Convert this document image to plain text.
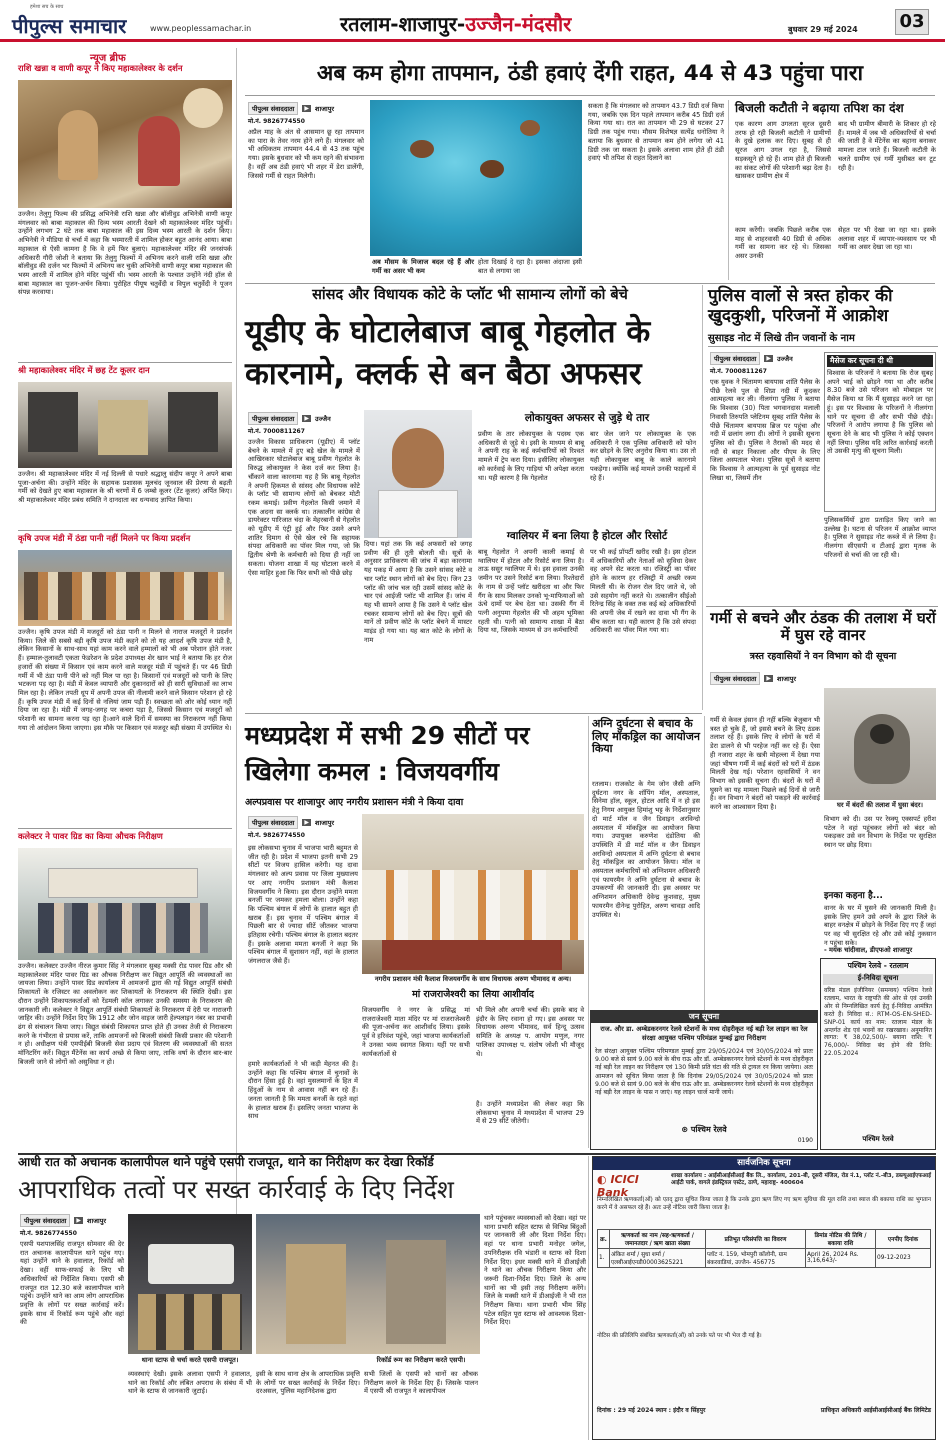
हमेशा सच के साथ
पीपुल्स समाचार	www.peoplessamachar.in	रतलाम-शाजापुर-उज्जैन-मंदसौर	बुधवार 29 मई 2024 03
न्यूज ब्रीफ
राशि खन्ना व वाणी कपूर ने किए महाकालेश्वर के दर्शन
उज्जैन। तेलुगु फिल्म की प्रसिद्ध अभिनेत्री राशि खन्ना और बॉलीवुड अभिनेत्री वाणी कपूर मंगलवार को बाबा महाकाल की दिव्य भस्म आरती देखने श्री महाकालेश्वर मंदिर पहुंचीं। उन्होंने लगभग 2 घंटे तक बाबा महाकाल की इस दिव्य भस्म आरती के दर्शन किए। अभिनेत्री ने मीडिया से चर्चा में कहा कि भस्मारती में शामिल होकर बहुत आनंद आया। बाबा महाकाल से ऐसी कामना है कि वे हमें फिर बुलाएं। महाकालेश्वर मंदिर की जनसंपर्क अधिकारी गौरी जोशी ने बताया कि तेलुगु फिल्मों में अभिनय करने वाली राशि खन्ना और बॉलीवुड की दर्जन भर फिल्मों में अभिनय कर चुकी अभिनेत्री वाणी कपूर बाबा महाकाल की भस्म आरती में शामिल होने मंदिर पहुंचीं थी। भस्म आरती के पश्चात उन्होंने नंदी हॉल से बाबा महाकाल का पूजन-अर्चन किया। पुरोहित पीयूष चतुर्वेदी व विपुल चतुर्वेदी ने पूजन संपन्न करवाया।
श्री महाकालेश्वर मंदिर में छह टेंट कूलर दान
उज्जैन। श्री महाकालेश्वर मंदिर में नई दिल्ली से पधारे श्रद्धालु संदीप कपूर ने अपने बाबा पूजा-अर्चना की। उन्होंने मंदिर के सहायक प्रशासक मूलचंद जूनवाल की प्रेरणा से बढ़ती गर्मी को देखते हुए बाबा महाकाल के श्री चरणों में 6 जम्बो कूलर (टेंट कूलर) अर्पित किए। श्री महाकालेश्वर मंदिर प्रबंध समिति ने दानदाता का धन्यवाद ज्ञापित किया।
कृषि उपज मंडी में ठंडा पानी नहीं मिलने पर किया प्रदर्शन
उज्जैन। कृषि उपज मंडी में मजदूरों को ठंडा पानी न मिलने से नाराज मजदूरों ने प्रदर्शन किया। जिले की सबसे बड़ी कृषि उपज मंडी कहने को तो यह आदर्श कृषि उपज मंडी है, लेकिन किसानों के साथ-साथ यहां काम करने वाले हम्मालों को भी अब परेशान होते नजर हैं। हम्माल-तुलावटी एकता फेडरेशन के प्रदेश उपाध्यक्ष शेर खान भाई ने बताया कि हर रोज हजारों की संख्या में किसान एवं काम करने वाले मजदूर मंडी में पहुंचते हैं। पर 46 डिग्री गर्मी में भी ठंडा पानी पीने को नहीं मिल पा रहा है। किसानों एवं मजदूरों को पानी के लिए भटकना पड़ रहा है। मंडी में केवल व्यापारी और दुकानदारों को ही सारी सुविधाओं का लाभ मिल रहा है। लेकिन तपती धूप में अपनी उपज की नीलामी करने वाले किसान परेशान हो रहे हैं। कृषि उपज मंडी में कई दिनों से नलियां जाम पड़ी हैं। स्वच्छता को ओर कोई ध्यान नहीं दिया जा रहा है। मंडी में जगह-जगह पर कचरा पड़ा है, जिससे किसान एवं मजदूरों को परेशानी का सामना करना पड़ रहा है।आने वाले दिनों में समस्या का निराकरण नहीं किया गया तो आंदोलन किया जाएगा। इस मौके पर किसान एवं मजदूर बड़ी संख्या में उपस्थित थे।
कलेक्टर ने पावर ग्रिड का किया औचक निरीक्षण
उज्जैन। कलेक्टर उज्जैन नीरज कुमार सिंह ने मंगलवार सुबह मक्सी रोड पावर ग्रिड और श्री महाकालेश्वर मंदिर पावर ग्रिड का औचक निरीक्षण कर विद्युत आपूर्ति की व्यवस्थाओं का जायजा लिया। उन्होंने पावर ग्रिड कार्यालय में आमजनों द्वारा की गई विद्युत आपूर्ति संबंधी शिकायतों के रजिस्टर का अवलोकन कर शिकायतों के निराकरण की स्थिति देखी। इस दौरान उन्होंने शिकायतकर्ताओं को रेंडमली कॉल लगाकर उनकी समस्या के निराकरण की जानकारी ली। कलेक्टर ने विद्युत आपूर्ति संबंधी शिकायतों के निराकरण में देरी पर नाराजगी जाहिर की। उन्होंने निर्देश दिए कि 1912 और जोन वाइज जारी हेल्पलाइन नंबर का प्रभावी ढंग से संचालन किया जाए। विद्युत संबंधी शिकायत प्राप्त होते ही उनका तेजी से निराकरण करने के गंभीरता से प्रयास करें, ताकि आमजनों को बिजली संबंधी किसी प्रकार की परेशानी न हो। अधीक्षण यंत्री एमपीईबी बिजली सेवा प्रदाय एवं वितरण की व्यवस्थाओं की सतत मॉनिटरिंग करें। विद्युत मैंटेनेंस का कार्य अच्छे से किया जाए, ताकि वर्षा के दौरान बार-बार बिजली जाने से लोगों को असुविधा न हो।
अब कम होगा तापमान, ठंडी हवाएं देंगी राहत, 44 से 43 पहुंचा पारा
पीपुल्स संवाददाता	▶ शाजापुर
मो.नं. 9826774550
अप्रैल माह के अंत से आसमान छू रहा तापमान का पारा के तेवर नरम होने लगे हैं। मंगलवार को भी अधिकतम तापमान 44.4 से 43 तक पहुंच गया। इसके बुधवार को भी कम रहने की संभावना है। वहीं अब ठंडी हवाएं भी शहर में डेरा डालेंगी, जिससे गर्मी से राहत मिलेगी।
अब मौसम के मिजाज बदल रहे हैं और गर्मी का असर भी कम
होता दिखाई दे रहा है। इसका अंदाजा इसी बात से लगाया जा
सकता है कि मंगलवार को तापमान 43.7 डिग्री दर्ज किया गया, जबकि एक दिन पहले तापमान करीब 45 डिग्री दर्ज किया गया था। रात का तापमान भी 29 से घटकर 27 डिग्री तक पहुंच गया। मौसम विशेषज्ञ सत्येंद्र धनोतिया ने बताया कि बुधवार से तापमान कम होने लगेगा जो 41 डिग्री तक जा सकता है। इसके अलावा शाम होते ही ठंडी हवाएं भी तपिश से राहत दिलाने का
बिजली कटौती ने बढ़ाया तपिश का दंश
एक कारण आग उगलता सूरज दूसरी तरफ हो रही बिजली कटौती ने ग्रामीणों के दुखे हलाक कर दिए। सुबह से ही सूरज आग उगल रहा है, जिससे सड़कसूने हो रहे हैं। शाम होते ही बिजली का संकट लोगों की परेशानी बढ़ा देता है। खासकर ग्रामीण क्षेत्र में
बाद भी ग्रामीण बीमारी के शिकार हो रहे हैं। मामले में जब भी अधिकारियों से चर्चा की जाती है वे मेंटेनेंस का बहाना बनाकर मामला टाल जाते हैं। बिजली कटौती के चलते ग्रामीण एवं गर्मी मुसीबत बन टूट रही है।
काम करेंगी। जबकि पिछले करीब एक माह से शाहरवासी 40 डिग्री से अधिक गर्मी का सामना कर रहे थे। जिसका असर उनकी
सेहत पर भी देखा जा रहा था। इसके अलावा शहर में व्यापार-व्यवसाय पर भी गर्मी का असर देखा जा रहा था।
सांसद और विधायक कोटे के प्लॉट भी सामान्य लोगों को बेचे
यूडीए के घोटालेबाज बाबू गेहलोत के कारनामे, क्लर्क से बन बैठा अफसर
पीपुल्स संवाददाता	▶ उज्जैन
मो.नं. 7000811267
उज्जैन विकास प्राधिकरण (यूडीए) में प्लॉट बेचने के मामले में हुए बड़े खेल के मामले में आखिरकार घोटालेबाज बाबू प्रवीण गेहलोत के विरुद्ध लोकायुक्त ने केस दर्ज कर लिया है। चौंकाने वाला कारनामा यह है कि बाबू गेहलोत ने अपनी हिकमत से सांसद और विधायक कोटे के प्लॉट भी सामान्य लोगों को बेचकर मोटी रकम कमाई। प्रवीण गेहलोत किसी जमाने में एक अदना सा क्लर्क था। तत्कालीन कांग्रेस से डायरेक्टर पारिजात चंदा के मेहरबानी से गेहलोत को यूडीए में एंट्री हुई और फिर उसने अपने शातिर दिमाग से ऐसे खेल रचे कि सहायक संपदा अधिकारी का पॉवर मिल गया, जो कि द्वितीय श्रेणी के कर्मचारी को दिया ही नहीं जा सकता। योजना शाखा में यह घोटाला करने में ऐसा माहिर हुआ कि फिर सभी को पीछे छोड़
दिया। यहां तक कि कई अफसरों को जगह प्रवीण की ही तूती बोलती थी। सूत्रों के अनुसार प्राधिकरण की जांच में बड़ा कारनामा यह पकड़ में आया है कि उसने सांसद कोटे व चार प्लॉट स्थान लोगों को बेच दिए। जिन 23 प्लॉट की जांच चल रही उसमें सांसद कोटे के चार एवं आईजी प्लॉट भी शामिल हैं। जांच में यह भी सामने आया है कि उसने ये प्लॉट खेल रचकर सामान्य लोगों को बेच दिए। सूत्रों की मानें तो प्रवीण कोटे के प्लॉट बेचने में मास्टर माइंड हो गया था। यह बात कोटे के लोगों के नाम
लोकायुक्त अफसर से जुड़े थे तार
प्रवीण के तार लोकायुक्त के पदस्थ एक अधिकारी से जुड़े थे। इसी के माध्यम से बाबू ने अपनी राह के कई कर्मचारियों को रिश्वत मामले में ट्रेप करा दिया। इसीलिए लोकायुक्त को कार्रवाई के लिए गाड़ियां भी अपेक्षा करता था। यही कारण है कि गेहलोत
बार जेल जाने पर लोकायुक्त के एक अधिकारी ने एक पुलिस अधिकारी को फोन कर छोड़ने के लिए अनुरोध किया था। उस तो यही लोकायुक्त बाबू के काले कारनामे पकड़ेगा। क्योंकि कई मामले उनकी फाइलों में रहे हैं।
ग्वालियर में बना लिया है होटल और रिसोर्ट
बाबू गेहलोत ने अपनी काली कमाई से ग्वालियर में होटल और रिसोर्ट बना लिया है। ताऊ ससुर ग्वालियर में थे। इस हवाला उनकी जमीन पर उसने रिसोर्ट बना लिया। रिश्तेदारों के नाम से उन्हें प्लॉट खरीदता था और फिर गैंग के साथ मिलकर उनको भू-माफियाओं को ऊंचे दामों पर बेच देता था। उसकी गैंग में पत्नी अनुपमा गेहलोत की भी अहम भूमिका रहती थी। पत्नी को सामान्य शाखा में बैठा दिया था, जिसके माध्यम से उन कर्मचारियों
पर भी कई प्रॉपर्टी खरीद रखी है। इस होटल में अधिकारियों और नेताओं को सुविधा देकर वह अपने सेट करता था। रजिस्ट्री का पॉवर होने के कारण हर रजिस्ट्री में अच्छी रकम मिलती थी। के रोजन रोल दिए जाते थे, जो उसे सहयोग नहीं करते थे। तत्कालीन सीईओ रितेन्द्र सिंह के वक्त तक कई बड़े अधिकारियों की अपनी जेब में रखने का दावा भी गैंग के बीच करता था। यही कारण है कि उसे संपदा अधिकारी का पॉवर मिल गया था।
पुलिस वालों से त्रस्त होकर की खुदकुशी, परिजनों में आक्रोश
सुसाइड नोट में लिखे तीन जवानों के नाम
पीपुल्स संवाददाता	▶ उज्जैन
मो.नं. 7000811267
एक युवक ने चिंतामण बायपास शांति पैलेस के पीछे रेलवे पुल से शिप्रा नदी में कूदकर आत्महत्या कर ली। नीलगंगा पुलिस ने बताया कि विश्वास (30) पिता भगवानदास मलाली निवासी तिरुपति प्लेटिनम सुबह शांति पैलेस के पीछे चिंतामण बायपास ब्रिज पर पहुंचा और नदी में छलांग लगा दी। लोगों ने इसकी सूचना पुलिस को दी। पुलिस ने तैराकों की मदद से नदी से बाहर निकाला और पीएम के लिए जिला अस्पताल भेजा। पुलिस सूत्रों ने बताया कि विश्वास ने आत्महत्या के पूर्व सुसाइड नोट लिखा था, जिसमें तीन
मैसेज कर सूचना दी थी
विश्वास के परिजनों ने बताया कि रोज सुबह अपने भाई को छोड़ने गया था और करीब 8.30 बजे उसे परिजन को मोबाइल पर मैसेज किया था कि मैं सुसाइड करने जा रहा हूं। इस पर विश्वास के परिजनों ने नीलगंगा थाने पर सूचना दी और सभी पीछे दौड़े। परिजनों ने आरोप लगाया है कि पुलिस को सूचना देने के बाद भी पुलिस ने कोई एक्शन नहीं लिया। पुलिस यदि त्वरित कार्रवाई करती तो उसकी मृत्यु की सूचना मिली।
पुलिसकर्मियों द्वारा प्रताड़ित किए जाने का उल्लेख है। घटना से परिजन में आक्रोश व्याप्त है। पुलिस ने सुसाइड नोट कब्जे में ले लिया है। नीलगंगा सीएसपी व टीआई द्वारा मृतक के परिजनों से चर्चा की जा रही थी।
गर्मी से बचने और ठंडक की तलाश में घरों में घुस रहे वानर
त्रस्त रहवासियों ने वन विभाग को दी सूचना
पीपुल्स संवाददाता	▶ शाजापुर
गर्मी से केवल इंसान ही नहीं बल्कि बेजुबान भी त्रस्त हो चुके हैं, जो इससे बचने के लिए ठंडक तलाश रहे हैं। इसके लिए वे लोगों के घरों में डेरा डालने से भी परहेज नहीं कर रहे हैं। ऐसा ही नजारा शहर के खत्री मोहल्ला में देखा गया जहां भीषण गर्मी में कई बंदरों को घरों में ठंडक मिलती देख गई। परेशान रहवासियों ने वन विभाग को इसकी सूचना दी। बंदरों के घरों में घुसने का यह मामला पिछले कई दिनों से जारी है। वन विभाग ने बंदरों को पकड़ने की कार्रवाई करने का आश्वासन दिया है।	घर में बंदरों की तलाश में घुसा बंदर।
विभाग को दी। उस पर रेस्क्यू एक्सपर्ट हरीश पटेल ने वहां पहुंचकर लोगों को बंदर को पकड़कर उसे वन विभाग के निर्देश पर सुरक्षित स्थान पर छोड़ दिया।
इनका कहना है...
वानर के घर में घुसने की जानकारी मिली है। इसके लिए हमने उसे अपने के द्वारा जिले के बाहर वनक्षेत्र में छोड़ने के निर्देश दिए गए हैं जहां पर वह भी सुरक्षित रहे और उसे कोई नुकसान न पहुंचा सके।
- मयंक चांदीवाल, डीएफओ शाजापुर
मध्यप्रदेश में सभी 29 सीटों पर खिलेगा कमल : विजयवर्गीय
अल्पप्रवास पर शाजापुर आए नगरीय प्रशासन मंत्री ने किया दावा
पीपुल्स संवाददाता	▶ शाजापुर
मो.नं. 9826774550
इस लोकसभा चुनाव में भाजपा भारी बहुमत से जीत रही है। प्रदेश में भाजपा इतनी सभी 29 सीटों पर विजय हासिल करेगी। यह दावा मंगलवार को अल्प प्रवास पर जिला मुख्यालय पर आए नगरीय प्रशासन मंत्री कैलाश विजयवर्गीय ने किया। इस दौरान उन्होंने ममता बनर्जी पर जमकर हमला बोला। उन्होंने कहा कि पश्चिम बंगाल में लोगों के हालात बहुत ही खराब हैं। इस चुनाव में पश्चिम बंगाल में पिछली बार से ज्यादा सीटें जीतकर भाजपा इतिहास रचेगी। पश्चिम बंगाल के हालात बदतर हैं। इसके अलावा ममता बनर्जी ने कहा कि पश्चिम बंगाल में सुशासन नहीं, वहां के हालात जंगलराज जैसे हैं।
नगरीय प्रशासन मंत्री कैलाश विजयवर्गीय के साथ विधायक अरुण भीमावद व अन्य।
मां राजराजेश्वरी का लिया आशीर्वाद
विजयवर्गीय ने नगर के प्रसिद्ध मां राजराजेश्वरी माता मंदिर पर मां राजराजेश्वरी की पूजा-अर्चना कर आशीर्वाद लिया। इसके पूर्व वे हरिवंश पहुंचे, जहां भाजपा कार्यकर्ताओं ने उनका भव्य स्वागत किया। यहीं पर सभी कार्यकर्ताओं से
भी मिले और अपनी चर्चा की। इसके बाद वे इंदौर के लिए रवाना हो गए। इस अवसर पर विधायक अरुण भीमावद, सर्व हिन्दू उत्सव समिति के अध्यक्ष प. आयोग मणुल, नगर पालिका उपाध्यक्ष प. संतोष जोशी भी मौजूद थे।
हमारे कार्यकर्ताओं ने भी कड़ी मेहनत की है। उन्होंने कहा कि पश्चिम बंगाल में चुनावों के दौरान हिंसा हुई है। वहां मुसलमानों के हित में हिंदुओं के नाम से आवास नहीं बन रहे हैं। जनता जानती है कि ममता बनर्जी के रहते वहां के हालात खराब हैं। इसलिए जनता भाजपा के साथ
है। उन्होंने मध्यप्रदेश की लेकर कहा कि लोकसभा चुनाव में मध्यप्रदेश में भाजपा 29 में से 29 सीटें जीतेगी।
अग्नि दुर्घटना से बचाव के लिए मॉकड्रिल का आयोजन किया
रतलाम। राजकोट के गेम जोन जैसी अग्नि दुर्घटना नगर के शॉपिंग मॉल, अस्पताल, सिनेमा हॉल, स्कूल, होटल आदि में न हो इस हेतु निगम आयुक्त हिमांशु भट्ट के निर्देशानुसार दो मार्ट मॉल व जैन डिवाइन अरविन्दो अस्पताल में मॉकड्रिल का आयोजन किया गया। उपायुक्त करुणेश दंडोतिया की उपस्थिति में डी मार्ट मॉल व जैन डिवाइन अरविन्दो अस्पताल में अग्नि दुर्घटना से बचाव हेतु मॉकड्रिल का आयोजन किया। मॉल व अस्पताल कर्मचारियों को अग्निशमन अधिकारी एवं फायरमैन ने अग्नि दुर्घटना से बचाव के उपकरणों की जानकारी दी। इस अवसर पर अग्निशमन अधिकारी देवेन्द्र कुशवाह, मुख्य फायरमैन दीनेन्द्र पुरोहित, अरुण चावड़ा आदि उपस्थित थे।
जन सूचना
राज. और डा. अम्बेडकरनगर रेलवे स्टेशनों के मध्य दोहरीकृत नई बड़ी रेल लाइन का रेल संरक्षा आयुक्त पश्चिम परिमंडल मुम्बई द्वारा निरीक्षण
रेल संरक्षा आयुक्त पश्चिम परिमण्डल मुम्बई द्वारा 29/05/2024 एवं 30/05/2024 को प्रातः 9.00 बजे से सायं 9.00 बजे के बीच राऊ और डॉ. अम्बेडकरनगर रेलवे स्टेशनों के मध्य दोहरीकृत नई बड़ी रेल लाइन का निरीक्षण एवं 130 किमी प्रति घंटा की गति से ट्रायल रन किया जायेगा। अतः आमजन को सूचित किया जाता है कि दिनांक 29/05/2024 एवं 30/05/2024 को प्रातः 9.00 बजे से सायं 9.00 बजे के बीच राऊ और डा. अम्बेडकरनगर रेलवे स्टेशनों के मध्य दोहरीकृत नई बड़ी रेल लाइन के पास न जाएं। यह लाइन चार्ज मानी जाये।
⊛ पश्चिम रेलवे
0190
पश्चिम रेलवे - रतलाम
ई-निविदा सूचना
वरिष्ठ मंडल इंजीनियर (समन्वय) पश्चिम रेलवे रतलाम, भारत के राष्ट्रपति की ओर से एवं उनकी ओर से निम्नलिखित कार्य हेतु ई-निविदा आमंत्रित करते हैं। निविदा सं.: RTM-OS-EN-SHED-SNP-01 कार्य का नाम: रतलाम मंडल के अन्तर्गत शेड एवं भवनों का रखरखाव। अनुमानित लागत: ₹ 38,02,500/- बयाना राशि: ₹ 76,000/- निविदा बंद होने की तिथि: 22.05.2024
पश्चिम रेलवे
आधी रात को अचानक कालापीपल थाने पहुंचे एसपी राजपूत, थाने का निरीक्षण कर देखा रिकॉर्ड
आपराधिक तत्वों पर सख्त कार्रवाई के दिए निर्देश
पीपुल्स संवाददाता	▶ शाजापुर
मो.नं. 9826774550
एसपी यशपालसिंह राजपूत सोमवार की देर रात अचानक कालापीपल थाने पहुंच गए। यहां उन्होंने थाने के हवालात, रिकॉर्ड को देखा। वहीं साफ-सफाई के लिए भी अधिकारियों को निर्देशित किया। एसपी श्री राजपूत रात 12.30 बजे कालापीपल थाने पहुंचे। उन्होंने थाने का आम लोग आपराधिक प्रवृत्ति के लोगों पर सख्त कार्रवाई करें। इसके साथ में रिकॉर्ड रूम पहुंचे और वहां की
थाना स्टाफ से चर्चा करते एसपी राजपूत।
व्यवस्थाएं देखी। इसके अलावा एसपी ने हवालात, थाने का रिकॉर्ड और लंबित अपराध के संबंध में भी थाने के स्टाफ से जानकारी जुटाई।
इसी के साथ थाना क्षेत्र के आपराधिक प्रवृत्ति के लोगों पर सख्त कार्रवाई के निर्देश दिए। दरअसल, पुलिस महानिदेशक द्वारा
रिकॉर्ड रूम का निरीक्षण करते एसपी।
सभी जिलों के एसपी को थानों का औचक निरीक्षण करने के निर्देश दिए हैं। जिसके पालन में एसपी श्री राजपूत ने कालापीपल
थाने पहुंचकर व्यवस्थाओं को देखा। वहां पर थाना प्रभारी सहित स्टाफ से विभिन्न बिंदुओं पर जानकारी ली और दिशा निर्देश दिए। वहां पर थाना प्रभारी मनोहर जगेल, उपनिरीक्षक रवि भंडारी व स्टाफ को दिशा निर्देश दिए। इधर मक्सी थाने में डीआईजी ने थाने का औचक निरीक्षण किया और जरूरी दिशा-निर्देश दिए। जिले के अन्य थानों का भी इसी तरह निरीक्षण करेंगे। जिले के मक्सी थाने में डीआईजी ने भी रात निरीक्षण किया। थाना प्रभारी भीम सिंह पटेल सहित पूरा स्टाफ को आवश्यक दिशा-निर्देश दिए।
सार्वजनिक सूचना
◐ ICICI Bank
शाखा कार्यालय : आईसीआईसीआई बैंक लि., कार्यालय, 201-बी, दूसरी मंजिल, रोड नं.1, प्लॉट नं.-बी3, डब्ल्यूआईएफआई आईटी पार्क, वागले इंडस्ट्रियल एस्टेट, ठाणे, महाराष्ट्र- 400604
निम्नलिखित ऋणकर्ता(ओं) को एतद् द्वारा सूचित किया जाता है कि उनके द्वारा ऋण लिए गए ऋण सुविधा की मूल राशि तथा ब्याज की बकाया राशि का भुगतान करने में वे असफल रहे हैं। अतः उन्हें नोटिस जारी किया जाता है।
क्र.	ऋणकर्ता का नाम /सह-ऋणकर्ता / जमानतदार / ऋण खाता संख्या	प्रतिभूत परिसंपत्ति का विवरण	डिमांड नोटिस की तिथि / बकाया राशि	एनपीए दिनांक
1.	अंकित शर्मा / सुधा शर्मा / एलबीआईएनडी00003625221	प्लॉट नं. 159, भोमपुरी कॉलोनी, ग्राम बंकरवाडियां, उज्जैन- 456775	April 26, 2024 Rs. 3,16,643/-	09-12-2023
नोटिस की प्रतिलिपि संबंधित ऋणकर्ता(ओं) को उनके पते पर भी भेज दी गई है।
दिनांक : 29 मई 2024 स्थान : इंदौर व सिंहपुर	प्राधिकृत अधिकारी आईसीआईसीआई बैंक लिमिटेड
